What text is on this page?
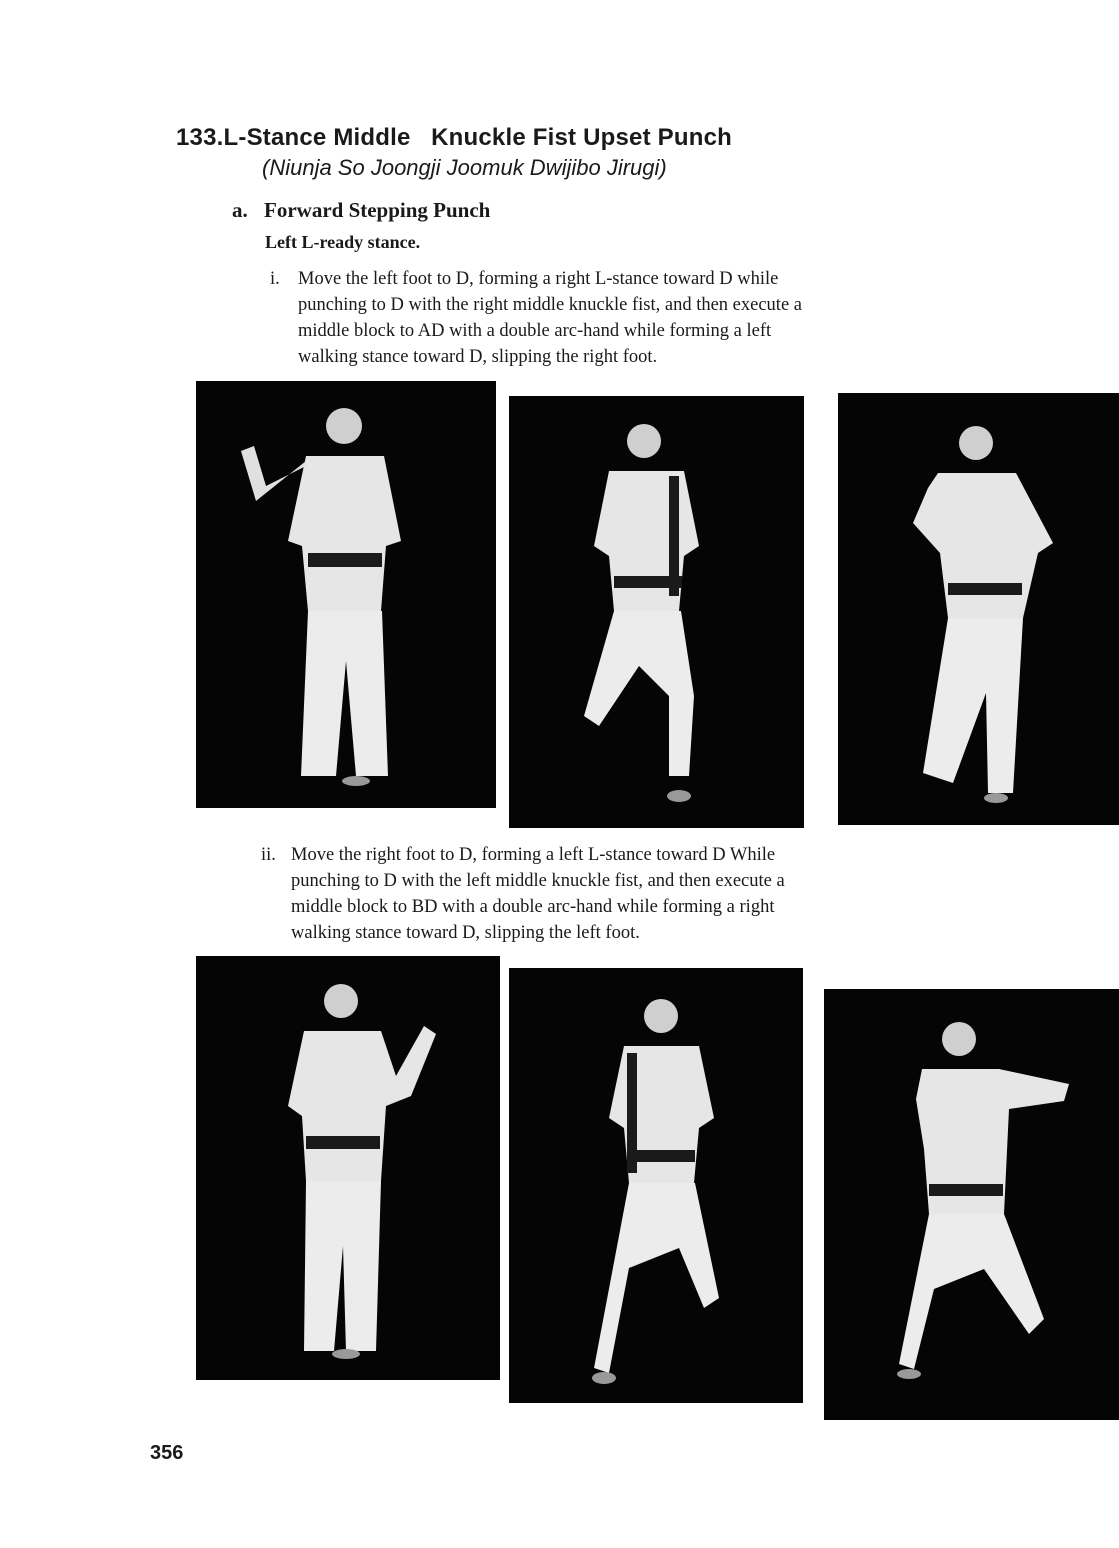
133.L-Stance Middle   Knuckle Fist Upset Punch
(Niunja So Joongji Joomuk Dwijibo Jirugi)
a. Forward Stepping Punch
Left L-ready stance.
i. Move the left foot to D, forming a right L-stance toward D while
punching to D with the right middle knuckle fist, and then execute a
middle block to AD with a double arc-hand while forming a left
walking stance toward D, slipping the right foot.
ii. Move the right foot to D, forming a left L-stance toward D While
punching to D with the left middle knuckle fist, and then execute a
middle block to BD with a double arc-hand while forming a right
walking stance toward D, slipping the left foot.
356
